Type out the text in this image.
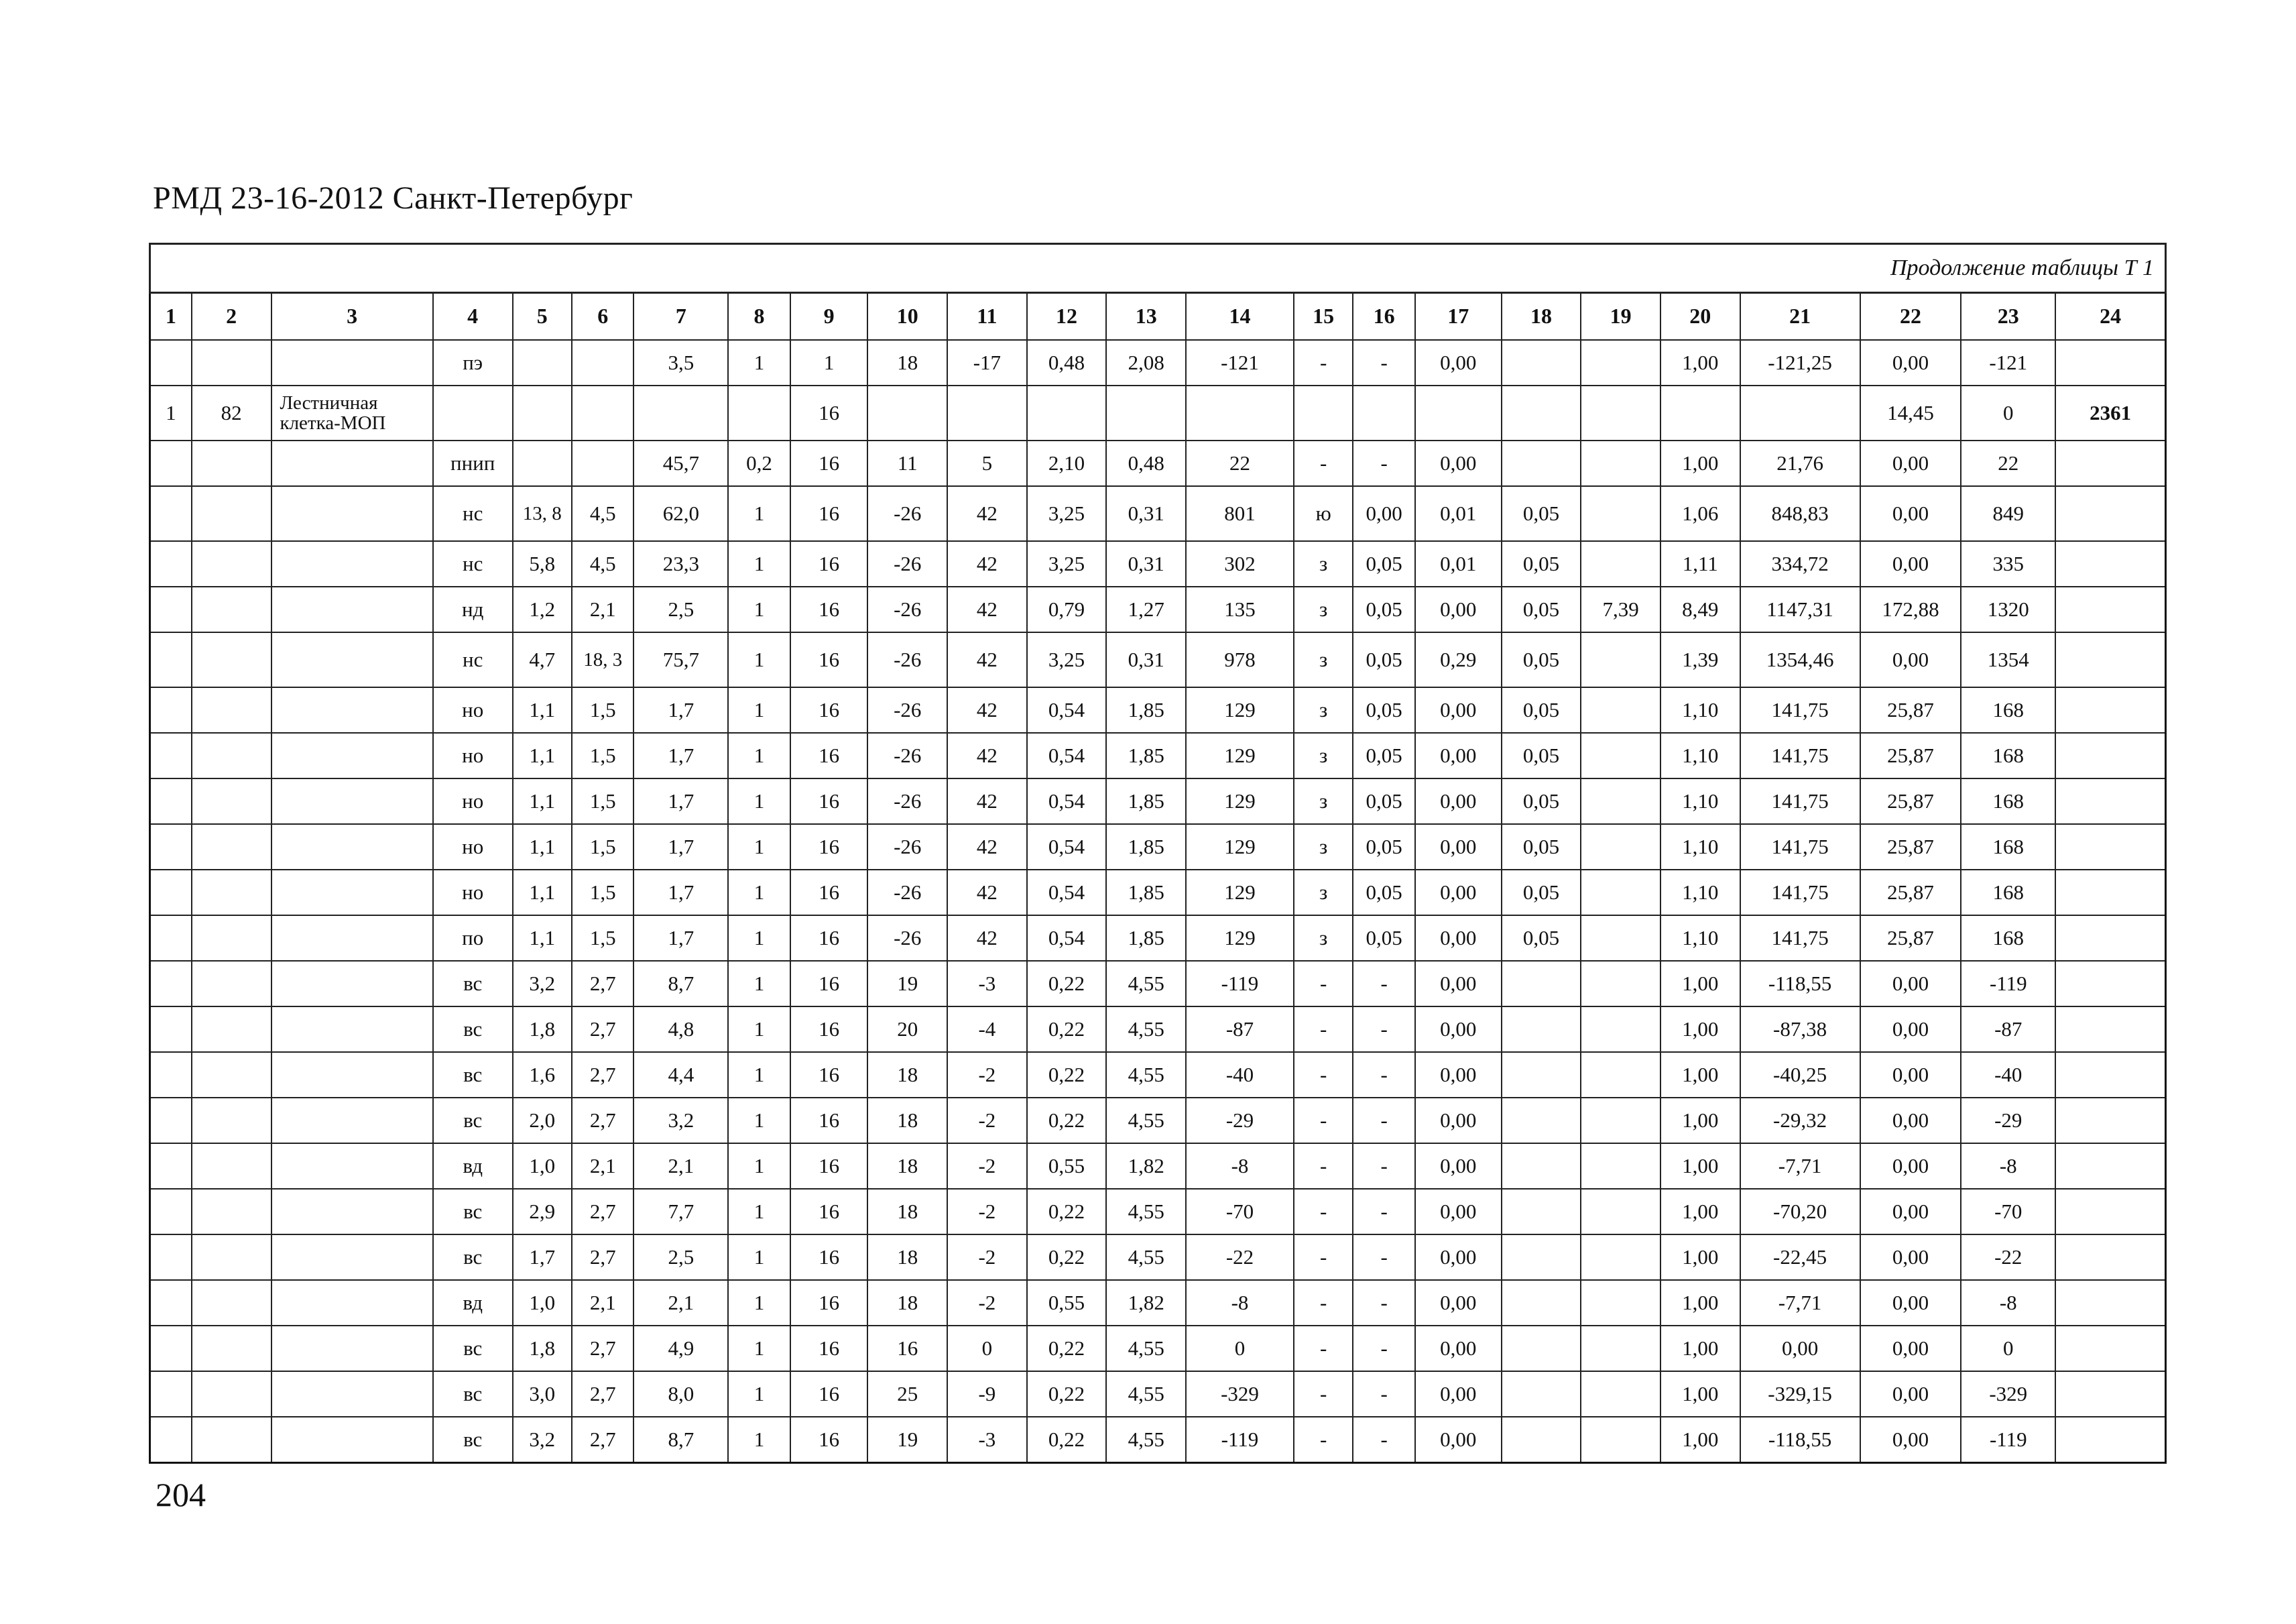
РМД 23-16-2012 Санкт-Петербург
Продолжение таблицы Т 1																							
1	2	3	4	5	6	7	8	9	10	11	12	13	14	15	16	17	18	19	20	21	22	23	24
			пэ			3,5	1	1	18	-17	0,48	2,08	-121	-	-	0,00			1,00	-121,25	0,00	-121	
1	82	Лестничная клетка-МОП						16													14,45	0	2361
			пнип			45,7	0,2	16	11	5	2,10	0,48	22	-	-	0,00			1,00	21,76	0,00	22	
			нс	13, 8	4,5	62,0	1	16	-26	42	3,25	0,31	801	ю	0,00	0,01	0,05		1,06	848,83	0,00	849	
			нс	5,8	4,5	23,3	1	16	-26	42	3,25	0,31	302	з	0,05	0,01	0,05		1,11	334,72	0,00	335	
			нд	1,2	2,1	2,5	1	16	-26	42	0,79	1,27	135	з	0,05	0,00	0,05	7,39	8,49	1147,31	172,88	1320	
			нс	4,7	18, 3	75,7	1	16	-26	42	3,25	0,31	978	з	0,05	0,29	0,05		1,39	1354,46	0,00	1354	
			но	1,1	1,5	1,7	1	16	-26	42	0,54	1,85	129	з	0,05	0,00	0,05		1,10	141,75	25,87	168	
			но	1,1	1,5	1,7	1	16	-26	42	0,54	1,85	129	з	0,05	0,00	0,05		1,10	141,75	25,87	168	
			но	1,1	1,5	1,7	1	16	-26	42	0,54	1,85	129	з	0,05	0,00	0,05		1,10	141,75	25,87	168	
			но	1,1	1,5	1,7	1	16	-26	42	0,54	1,85	129	з	0,05	0,00	0,05		1,10	141,75	25,87	168	
			но	1,1	1,5	1,7	1	16	-26	42	0,54	1,85	129	з	0,05	0,00	0,05		1,10	141,75	25,87	168	
			по	1,1	1,5	1,7	1	16	-26	42	0,54	1,85	129	з	0,05	0,00	0,05		1,10	141,75	25,87	168	
			вс	3,2	2,7	8,7	1	16	19	-3	0,22	4,55	-119	-	-	0,00			1,00	-118,55	0,00	-119	
			вс	1,8	2,7	4,8	1	16	20	-4	0,22	4,55	-87	-	-	0,00			1,00	-87,38	0,00	-87	
			вс	1,6	2,7	4,4	1	16	18	-2	0,22	4,55	-40	-	-	0,00			1,00	-40,25	0,00	-40	
			вс	2,0	2,7	3,2	1	16	18	-2	0,22	4,55	-29	-	-	0,00			1,00	-29,32	0,00	-29	
			вд	1,0	2,1	2,1	1	16	18	-2	0,55	1,82	-8	-	-	0,00			1,00	-7,71	0,00	-8	
			вс	2,9	2,7	7,7	1	16	18	-2	0,22	4,55	-70	-	-	0,00			1,00	-70,20	0,00	-70	
			вс	1,7	2,7	2,5	1	16	18	-2	0,22	4,55	-22	-	-	0,00			1,00	-22,45	0,00	-22	
			вд	1,0	2,1	2,1	1	16	18	-2	0,55	1,82	-8	-	-	0,00			1,00	-7,71	0,00	-8	
			вс	1,8	2,7	4,9	1	16	16	0	0,22	4,55	0	-	-	0,00			1,00	0,00	0,00	0	
			вс	3,0	2,7	8,0	1	16	25	-9	0,22	4,55	-329	-	-	0,00			1,00	-329,15	0,00	-329	
			вс	3,2	2,7	8,7	1	16	19	-3	0,22	4,55	-119	-	-	0,00			1,00	-118,55	0,00	-119	
204
